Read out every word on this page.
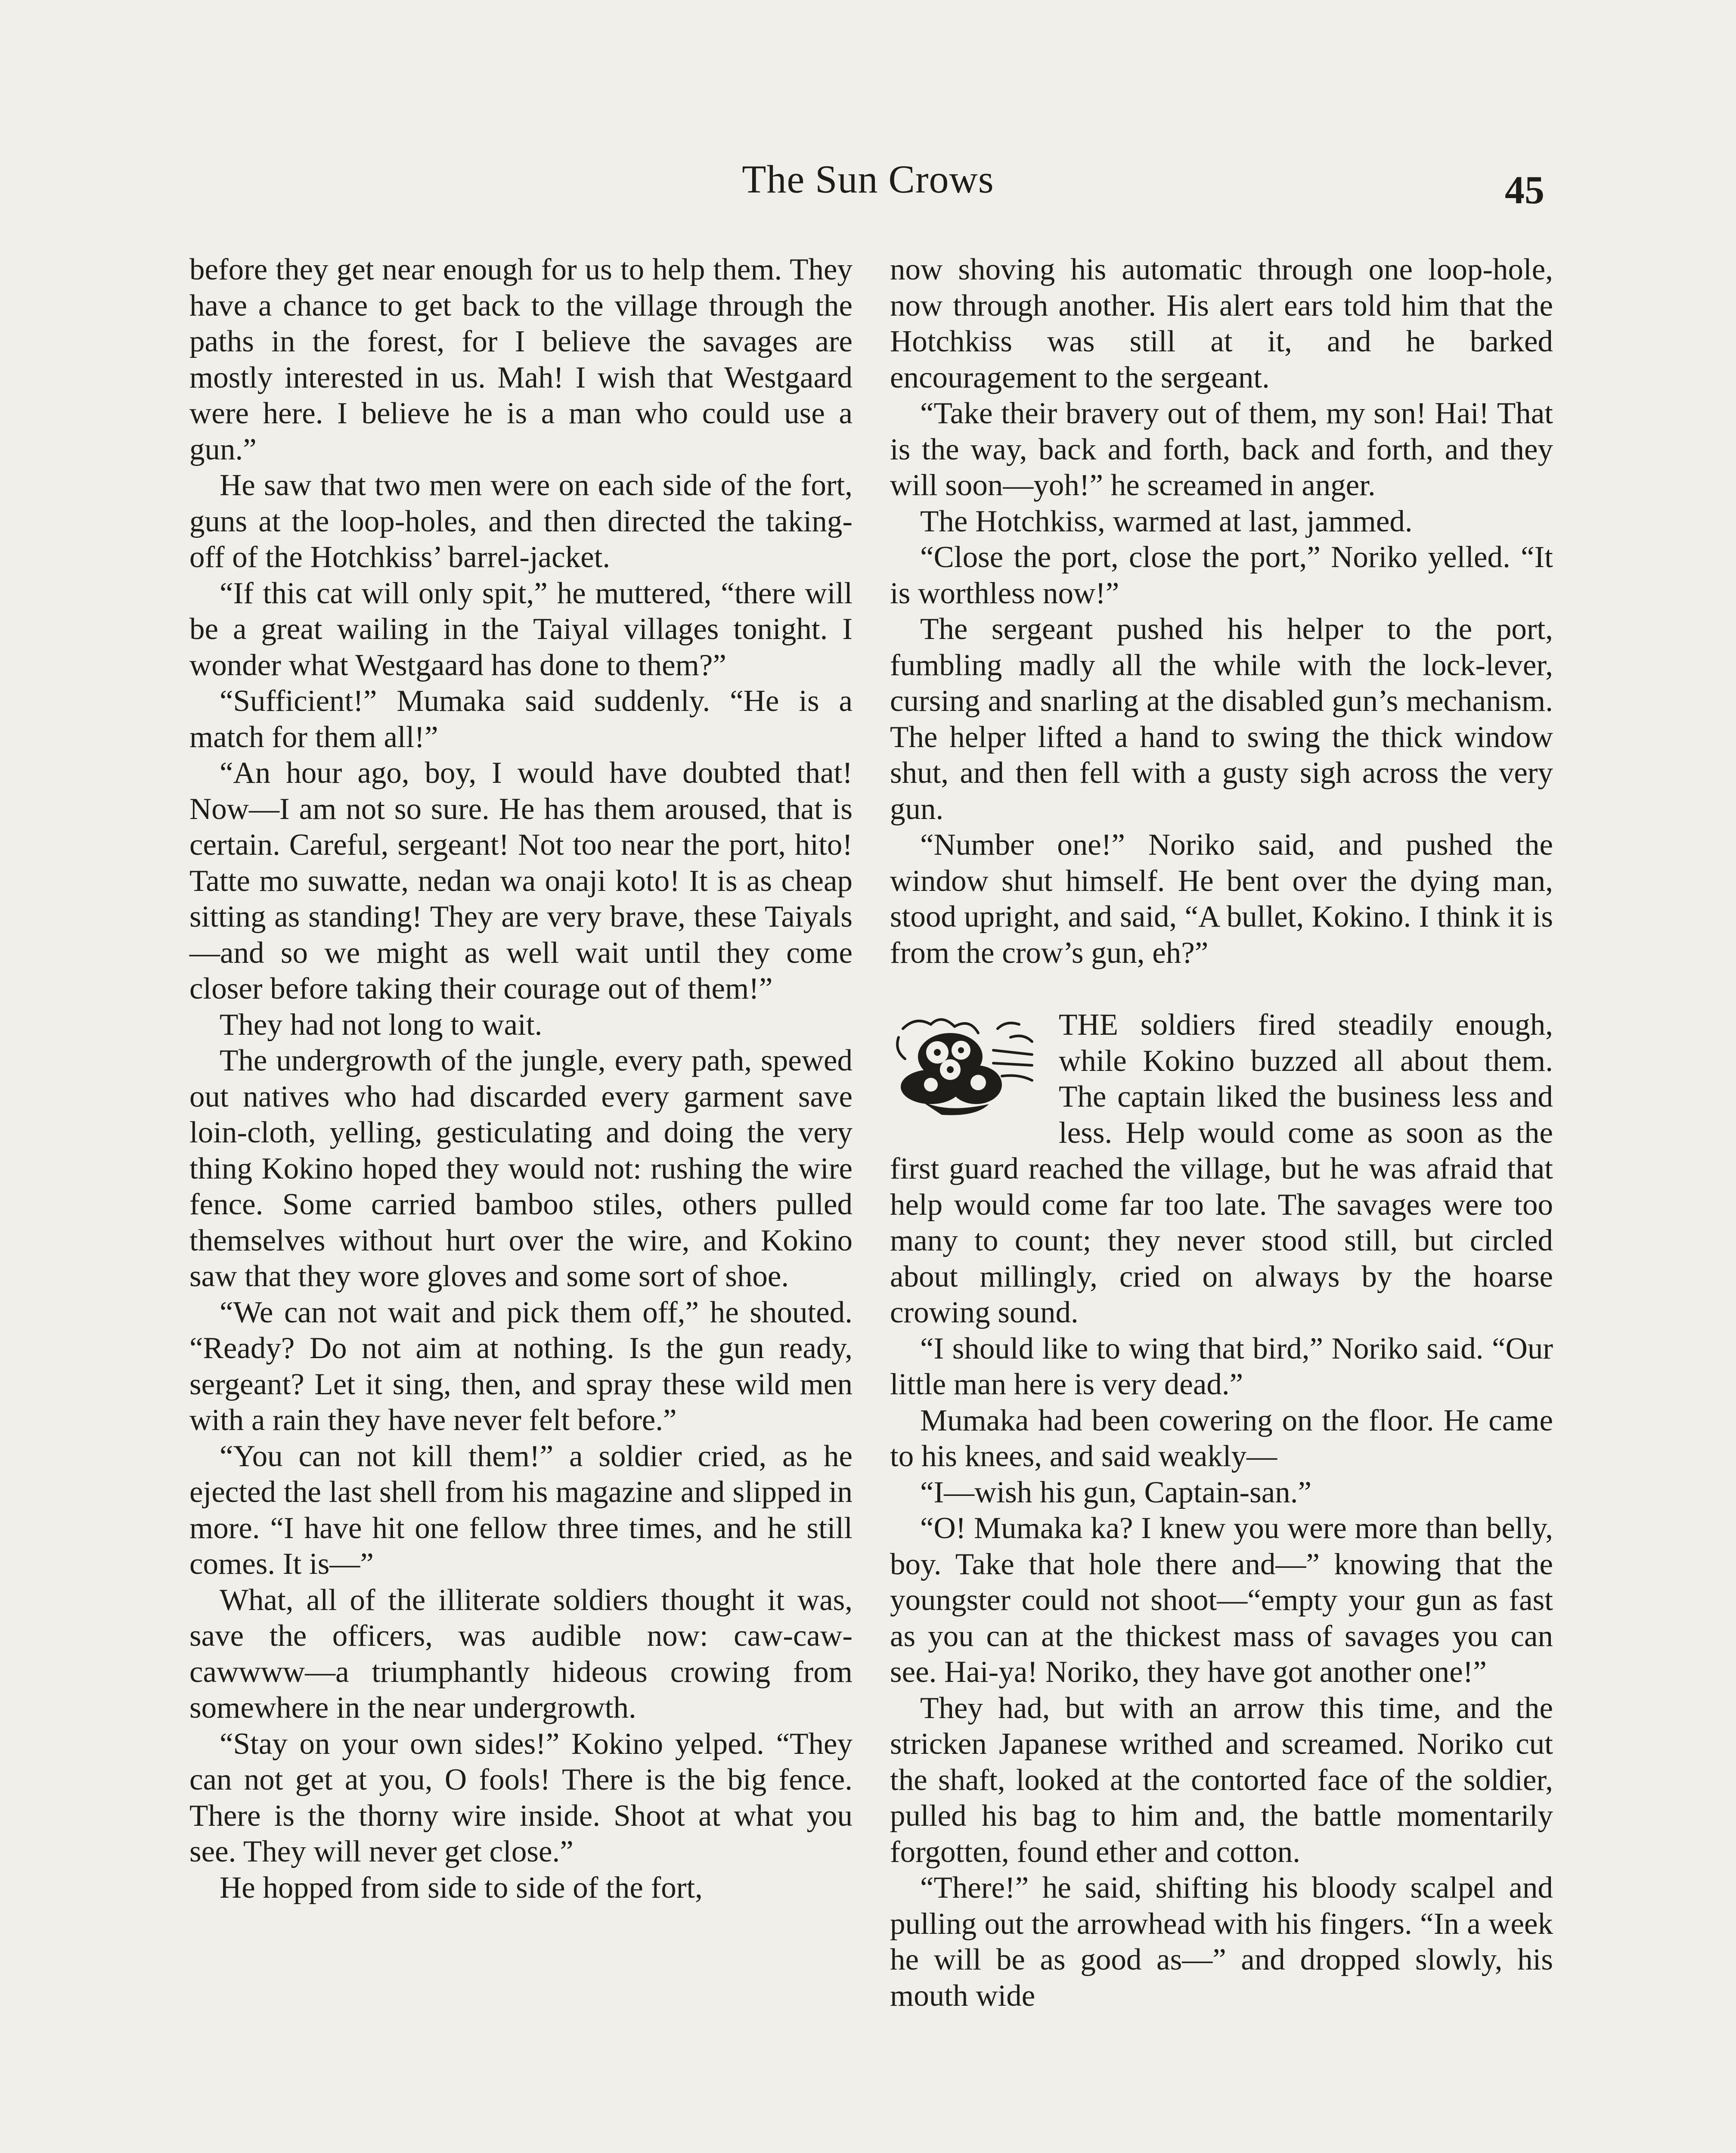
The Sun Crows	45

before they get near enough for us to help them. They have a chance to get back to the village through the paths in the forest, for I believe the savages are mostly interested in us. Mah! I wish that Westgaard were here. I believe he is a man who could use a gun.”

He saw that two men were on each side of the fort, guns at the loop-holes, and then directed the taking-off of the Hotchkiss’ barrel-jacket.

“If this cat will only spit,” he muttered, “there will be a great wailing in the Taiyal villages tonight. I wonder what Westgaard has done to them?”

“Sufficient!” Mumaka said suddenly. “He is a match for them all!”

“An hour ago, boy, I would have doubted that! Now—I am not so sure. He has them aroused, that is certain. Careful, sergeant! Not too near the port, hito! Tatte mo suwatte, nedan wa onaji koto! It is as cheap sitting as standing! They are very brave, these Taiyals—and so we might as well wait until they come closer before taking their courage out of them!”

They had not long to wait.

The undergrowth of the jungle, every path, spewed out natives who had discarded every garment save loin-cloth, yelling, gesticulating and doing the very thing Kokino hoped they would not: rushing the wire fence. Some carried bamboo stiles, others pulled themselves without hurt over the wire, and Kokino saw that they wore gloves and some sort of shoe.

“We can not wait and pick them off,” he shouted. “Ready? Do not aim at nothing. Is the gun ready, sergeant? Let it sing, then, and spray these wild men with a rain they have never felt before.”

“You can not kill them!” a soldier cried, as he ejected the last shell from his magazine and slipped in more. “I have hit one fellow three times, and he still comes. It is—”

What, all of the illiterate soldiers thought it was, save the officers, was audible now: caw-caw-cawwww—a triumphantly hideous crowing from somewhere in the near undergrowth.

“Stay on your own sides!” Kokino yelped. “They can not get at you, O fools! There is the big fence. There is the thorny wire inside. Shoot at what you see. They will never get close.”

He hopped from side to side of the fort,

now shoving his automatic through one loop-hole, now through another. His alert ears told him that the Hotchkiss was still at it, and he barked encouragement to the sergeant.

“Take their bravery out of them, my son! Hai! That is the way, back and forth, back and forth, and they will soon—yoh!” he screamed in anger.

The Hotchkiss, warmed at last, jammed.

“Close the port, close the port,” Noriko yelled. “It is worthless now!”

The sergeant pushed his helper to the port, fumbling madly all the while with the lock-lever, cursing and snarling at the disabled gun’s mechanism. The helper lifted a hand to swing the thick window shut, and then fell with a gusty sigh across the very gun.

“Number one!” Noriko said, and pushed the window shut himself. He bent over the dying man, stood upright, and said, “A bullet, Kokino. I think it is from the crow’s gun, eh?”

THE soldiers fired steadily enough, while Kokino buzzed all about them. The captain liked the business less and less. Help would come as soon as the first guard reached the village, but he was afraid that help would come far too late. The savages were too many to count; they never stood still, but circled about millingly, cried on always by the hoarse crowing sound.

“I should like to wing that bird,” Noriko said. “Our little man here is very dead.”

Mumaka had been cowering on the floor. He came to his knees, and said weakly—

“I—wish his gun, Captain-san.”

“O! Mumaka ka? I knew you were more than belly, boy. Take that hole there and—” knowing that the youngster could not shoot—“empty your gun as fast as you can at the thickest mass of savages you can see. Hai-ya! Noriko, they have got another one!”

They had, but with an arrow this time, and the stricken Japanese writhed and screamed. Noriko cut the shaft, looked at the contorted face of the soldier, pulled his bag to him and, the battle momentarily forgotten, found ether and cotton.

“There!” he said, shifting his bloody scalpel and pulling out the arrowhead with his fingers. “In a week he will be as good as—” and dropped slowly, his mouth wide
